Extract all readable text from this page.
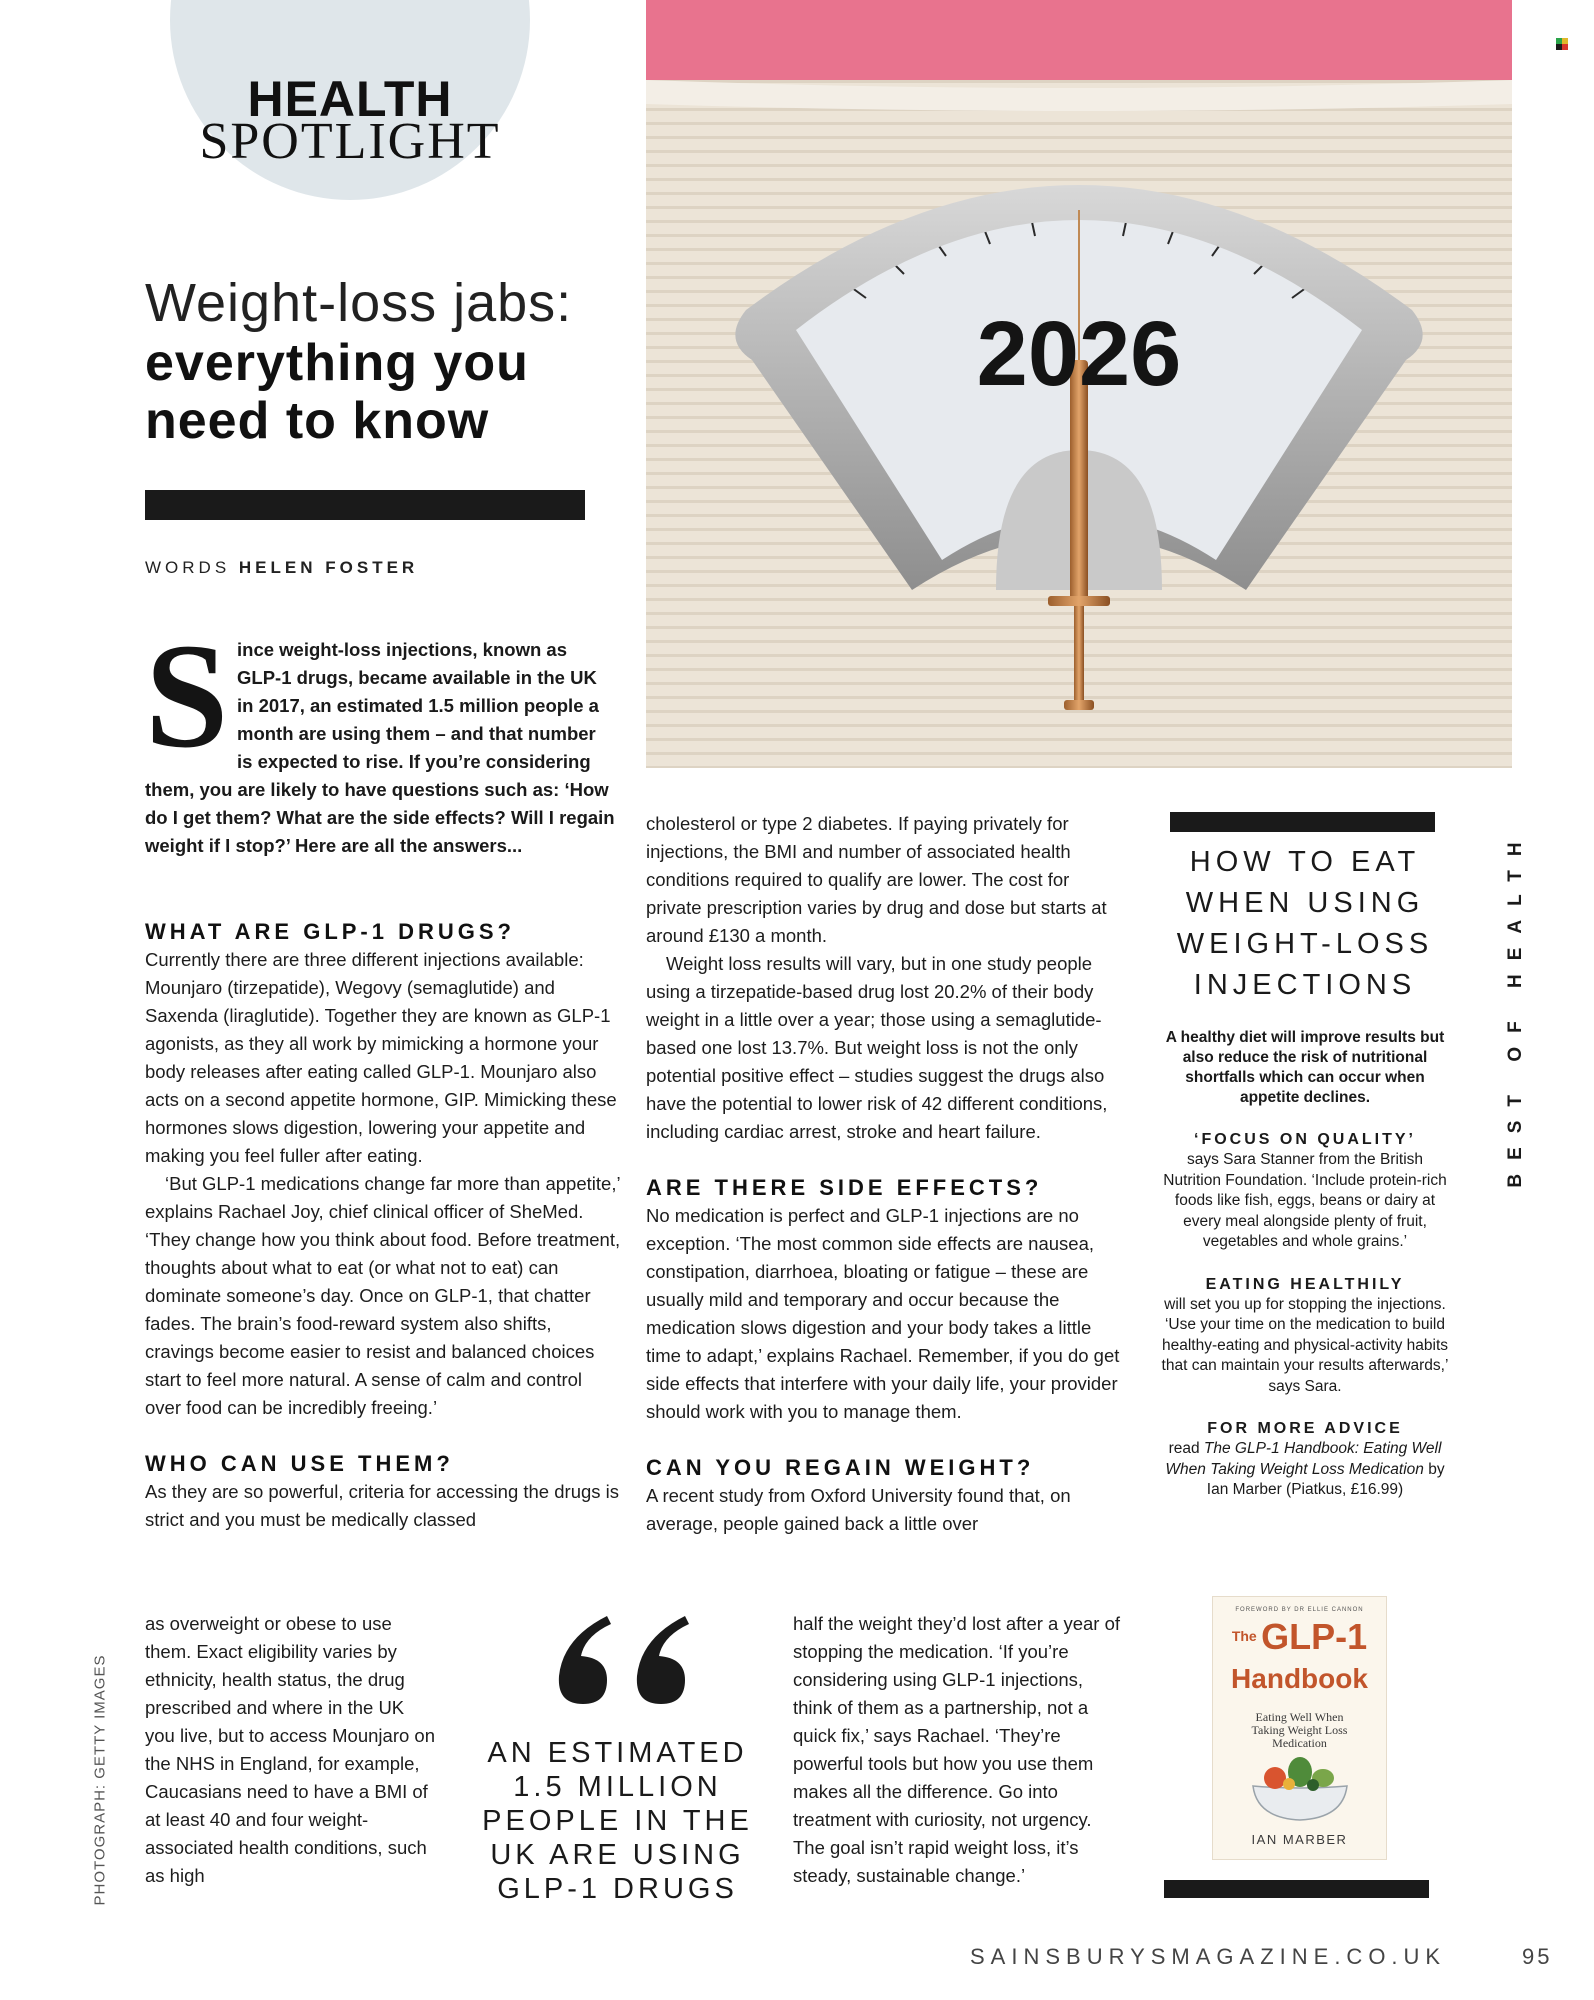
HEALTH
SPOTLIGHT
Weight-loss jabs:
everything you
need to know
WORDS HELEN FOSTER
2026
S ince weight-loss injections, known as GLP-1 drugs, became available in the UK in 2017, an estimated 1.5 million people a month are using them – and that number is expected to rise. If you’re considering them, you are likely to have questions such as: ‘How do I get them? What are the side effects? Will I regain weight if I stop?’ Here are all the answers...
WHAT ARE GLP-1 DRUGS?

Currently there are three different injections available: Mounjaro (tirzepatide), Wegovy (semaglutide) and Saxenda (liraglutide). Together they are known as GLP-1 agonists, as they all work by mimicking a hormone your body releases after eating called GLP-1. Mounjaro also acts on a second appetite hormone, GIP. Mimicking these hormones slows digestion, lowering your appetite and making you feel fuller after eating.

‘But GLP-1 medications change far more than appetite,’ explains Rachael Joy, chief clinical officer of SheMed. ‘They change how you think about food. Before treatment, thoughts about what to eat (or what not to eat) can dominate someone’s day. Once on GLP-1, that chatter fades. The brain’s food-reward system also shifts, cravings become easier to resist and balanced choices start to feel more natural. A sense of calm and control over food can be incredibly freeing.’

WHO CAN USE THEM?

As they are so powerful, criteria for accessing the drugs is strict and you must be medically classed

as overweight or obese to use them. Exact eligibility varies by ethnicity, health status, the drug prescribed and where in the UK you live, but to access Mounjaro on the NHS in England, for example, Caucasians need to have a BMI of at least 40 and four weight-associated health conditions, such as high

cholesterol or type 2 diabetes. If paying privately for injections, the BMI and number of associated health conditions required to qualify are lower. The cost for private prescription varies by drug and dose but starts at around £130 a month.

Weight loss results will vary, but in one study people using a tirzepatide-based drug lost 20.2% of their body weight in a little over a year; those using a semaglutide-based one lost 13.7%. But weight loss is not the only potential positive effect – studies suggest the drugs also have the potential to lower risk of 42 different conditions, including cardiac arrest, stroke and heart failure.

ARE THERE SIDE EFFECTS?

No medication is perfect and GLP-1 injections are no exception. ‘The most common side effects are nausea, constipation, diarrhoea, bloating or fatigue – these are usually mild and temporary and occur because the medication slows digestion and your body takes a little time to adapt,’ explains Rachael. Remember, if you do get side effects that interfere with your daily life, your provider should work with you to manage them.

CAN YOU REGAIN WEIGHT?

A recent study from Oxford University found that, on average, people gained back a little over

half the weight they’d lost after a year of stopping the medication. ‘If you’re considering using GLP-1 injections, think of them as a partnership, not a quick fix,’ says Rachael. ‘They’re powerful tools but how you use them makes all the difference. Go into treatment with curiosity, not urgency. The goal isn’t rapid weight loss, it’s steady, sustainable change.’

AN ESTIMATED 1.5 MILLION PEOPLE IN THE UK ARE USING GLP-1 DRUGS
HOW TO EAT WHEN USING WEIGHT-LOSS INJECTIONS
A healthy diet will improve results but also reduce the risk of nutritional shortfalls which can occur when appetite declines.
‘FOCUS ON QUALITY’
says Sara Stanner from the British Nutrition Foundation. ‘Include protein-rich foods like fish, eggs, beans or dairy at every meal alongside plenty of fruit, vegetables and whole grains.’
EATING HEALTHILY
will set you up for stopping the injections. ‘Use your time on the medication to build healthy-eating and physical-activity habits that can maintain your results afterwards,’ says Sara.
FOR MORE ADVICE
read The GLP-1 Handbook: Eating Well When Taking Weight Loss Medication by Ian Marber (Piatkus, £16.99)
FOREWORD BY DR ELLIE CANNON
The GLP-1
Handbook
Eating Well When
Taking Weight Loss
Medication
IAN MARBER
BEST OF HEALTH
PHOTOGRAPH: GETTY IMAGES
SAINSBURYSMAGAZINE.CO.UK	95
